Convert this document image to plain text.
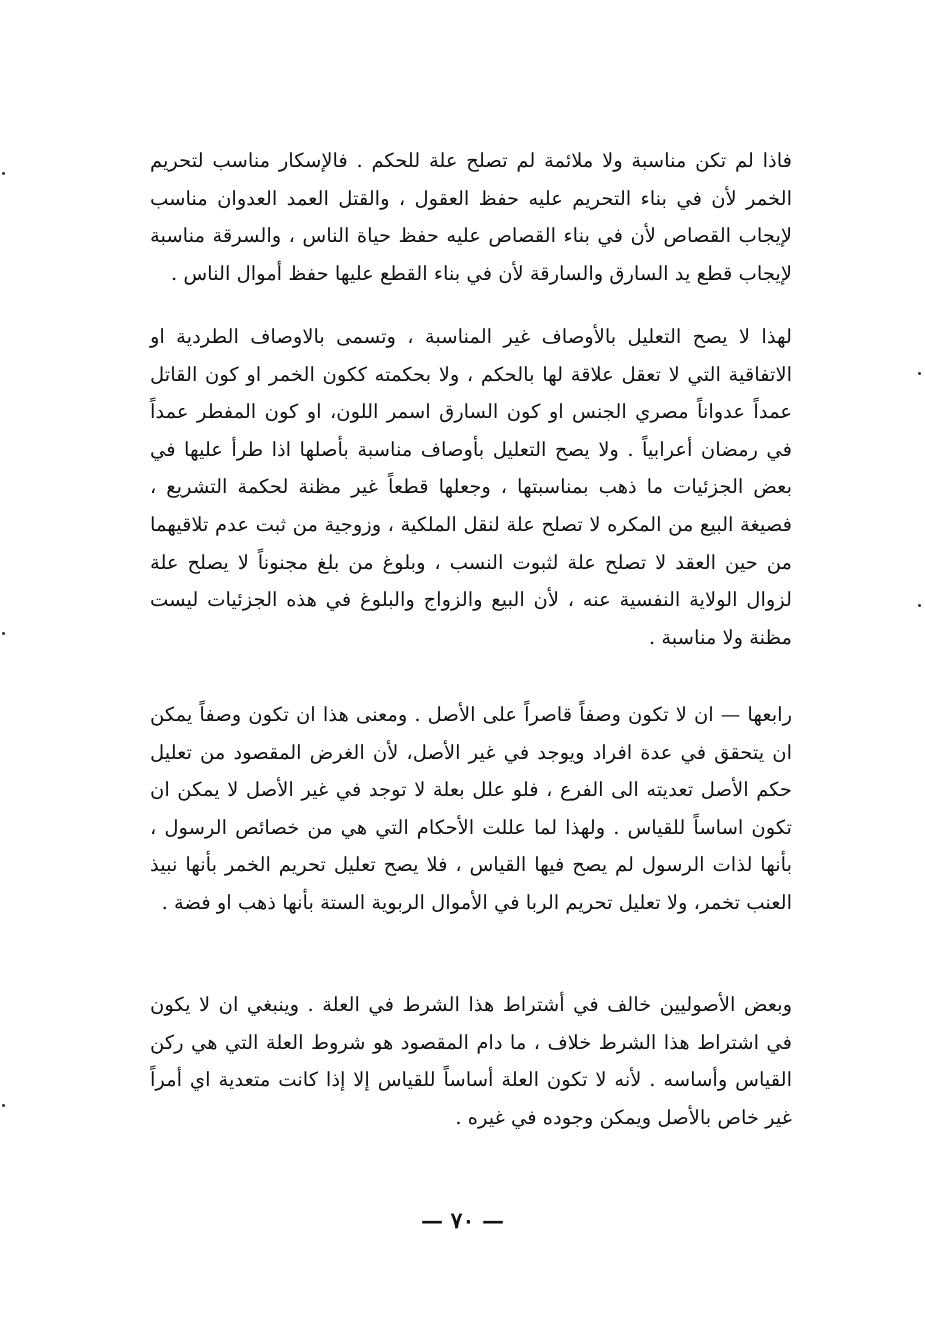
فاذا لم تكن مناسبة ولا ملائمة لم تصلح علة للحكم . فالإسكار مناسب لتحريم الخمر لأن في بناء التحريم عليه حفظ العقول ، والقتل العمد العدوان مناسب لإيجاب القصاص لأن في بناء القصاص عليه حفظ حياة الناس ، والسرقة مناسبة لإيجاب قطع يد السارق والسارقة لأن في بناء القطع عليها حفظ أموال الناس .

لهذا لا يصح التعليل بالأوصاف غير المناسبة ، وتسمى بالاوصاف الطردية او الاتفاقية التي لا تعقل علاقة لها بالحكم ، ولا بحكمته ككون الخمر او كون القاتل عمداً عدواناً مصري الجنس او كون السارق اسمر اللون، او كون المفطر عمداً في رمضان أعرابياً . ولا يصح التعليل بأوصاف مناسبة بأصلها اذا طرأ عليها في بعض الجزئيات ما ذهب بمناسبتها ، وجعلها قطعاً غير مظنة لحكمة التشريع ، فصيغة البيع من المكره لا تصلح علة لنقل الملكية ، وزوجية من ثبت عدم تلاقيهما من حين العقد لا تصلح علة لثبوت النسب ، وبلوغ من بلغ مجنوناً لا يصلح علة لزوال الولاية النفسية عنه ، لأن البيع والزواج والبلوغ في هذه الجزئيات ليست مظنة ولا مناسبة .

رابعها — ان لا تكون وصفاً قاصراً على الأصل . ومعنى هذا ان تكون وصفاً يمكن ان يتحقق في عدة افراد ويوجد في غير الأصل، لأن الغرض المقصود من تعليل حكم الأصل تعديته الى الفرع ، فلو علل بعلة لا توجد في غير الأصل لا يمكن ان تكون اساساً للقياس . ولهذا لما عللت الأحكام التي هي من خصائص الرسول ، بأنها لذات الرسول لم يصح فيها القياس ، فلا يصح تعليل تحريم الخمر بأنها نبيذ العنب تخمر، ولا تعليل تحريم الربا في الأموال الربوية الستة بأنها ذهب او فضة .

وبعض الأصوليين خالف في أشتراط هذا الشرط في العلة . وينبغي ان لا يكون في اشتراط هذا الشرط خلاف ، ما دام المقصود هو شروط العلة التي هي ركن القياس وأساسه . لأنه لا تكون العلة أساساً للقياس إلا إذا كانت متعدية اي أمراً غير خاص بالأصل ويمكن وجوده في غيره .

— ٧٠ —
